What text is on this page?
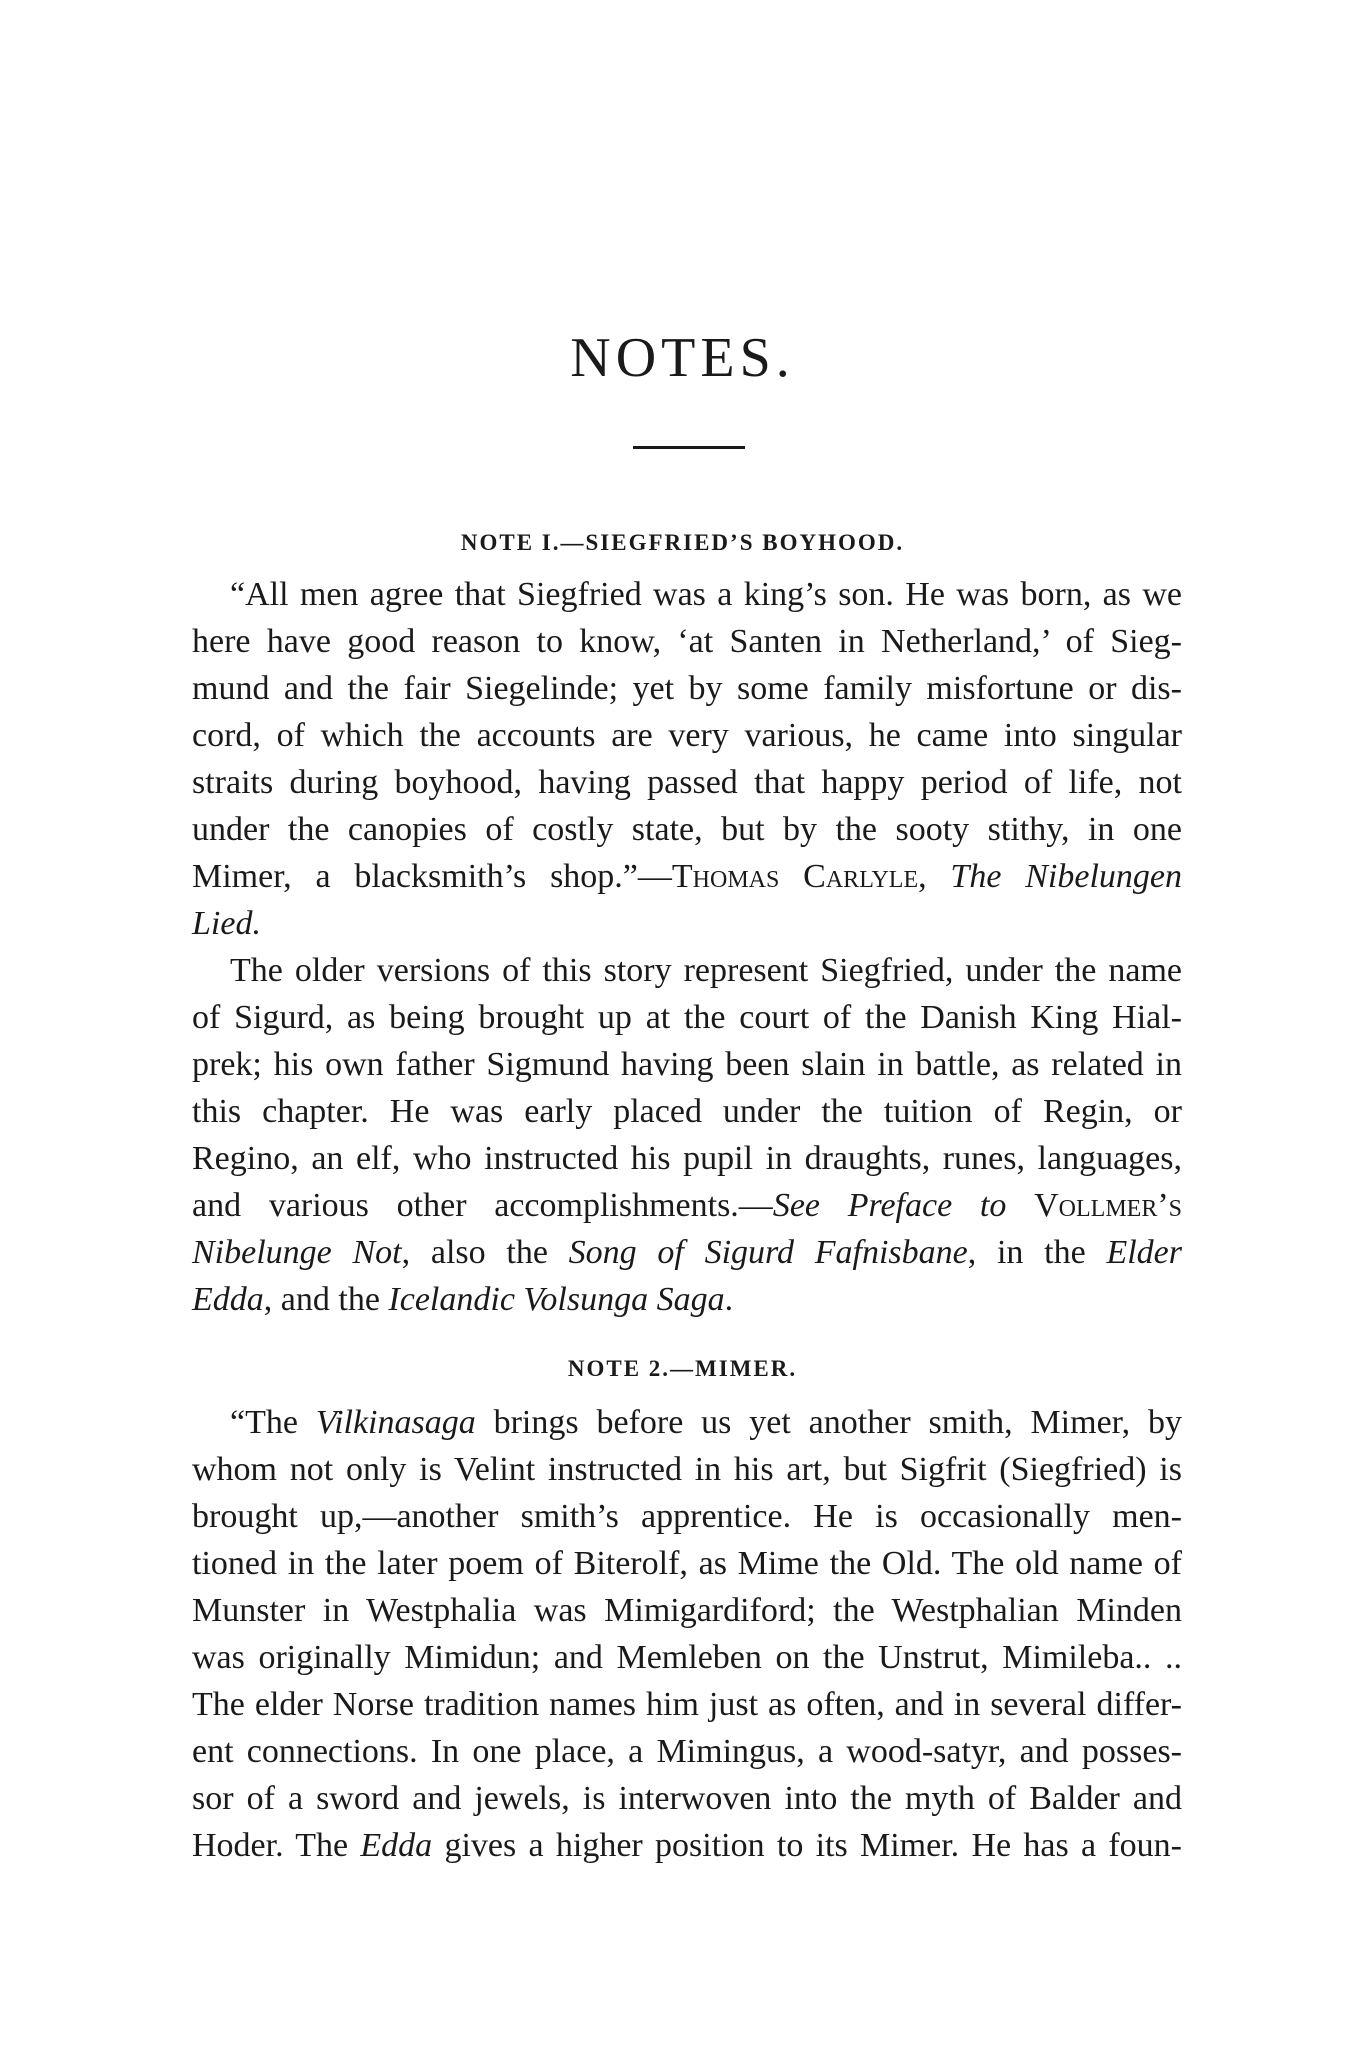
NOTES.
NOTE I.—SIEGFRIED’S BOYHOOD.

“All men agree that Siegfried was a king’s son. He was born, as we

here have good reason to know, ‘at Santen in Netherland,’ of Sieg-

mund and the fair Siegelinde; yet by some family misfortune or dis-

cord, of which the accounts are very various, he came into singular

straits during boyhood, having passed that happy period of life, not

under the canopies of costly state, but by the sooty stithy, in one

Mimer, a blacksmith’s shop.”—Thomas Carlyle, The Nibelungen

Lied.

The older versions of this story represent Siegfried, under the name

of Sigurd, as being brought up at the court of the Danish King Hial-

prek; his own father Sigmund having been slain in battle, as related in

this chapter. He was early placed under the tuition of Regin, or

Regino, an elf, who instructed his pupil in draughts, runes, languages,

and various other accomplishments.—See Preface to Vollmer’s

Nibelunge Not, also the Song of Sigurd Fafnisbane, in the Elder

Edda, and the Icelandic Volsunga Saga.

NOTE 2.—MIMER.

“The Vilkinasaga brings before us yet another smith, Mimer, by

whom not only is Velint instructed in his art, but Sigfrit (Siegfried) is

brought up,—another smith’s apprentice. He is occasionally men-

tioned in the later poem of Biterolf, as Mime the Old. The old name of

Munster in Westphalia was Mimigardiford; the Westphalian Minden

was originally Mimidun; and Memleben on the Unstrut, Mimileba.. ..

The elder Norse tradition names him just as often, and in several differ-

ent connections. In one place, a Mimingus, a wood-satyr, and posses-

sor of a sword and jewels, is interwoven into the myth of Balder and

Hoder. The Edda gives a higher position to its Mimer. He has a foun-
